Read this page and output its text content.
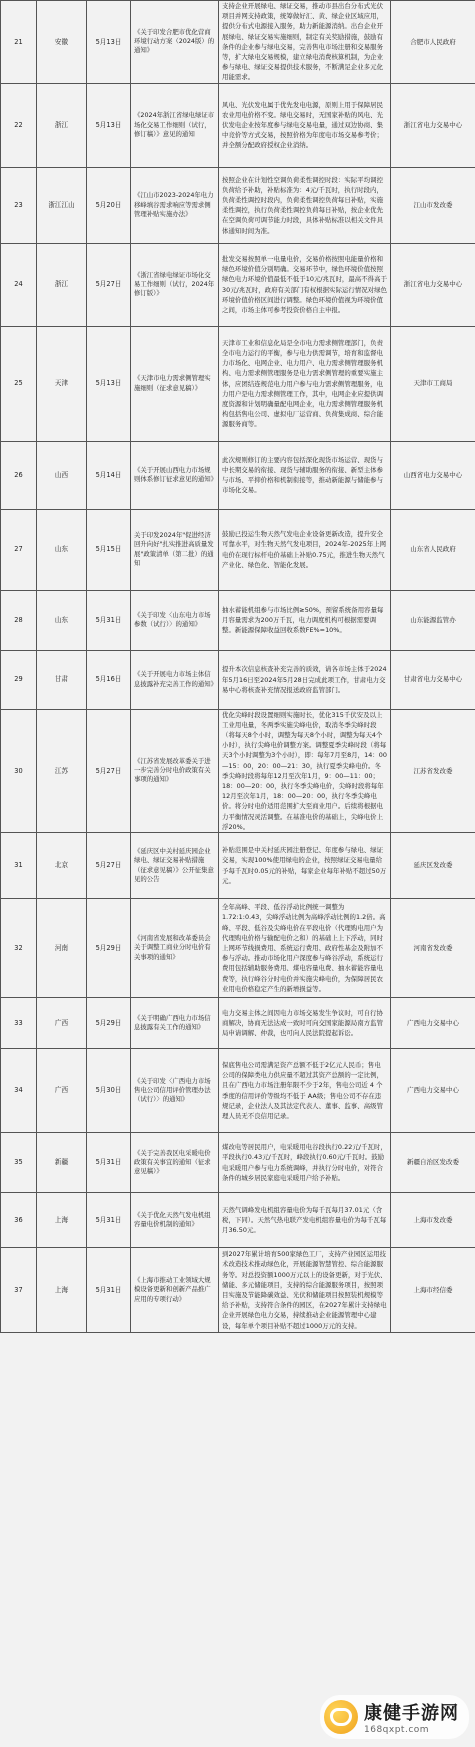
21	安徽	5月13日	《关于印发合肥市优化营商环境行动方案（2024版）的通知》	支持企业开展绿电、绿证交易，推动市县出台分布式光伏项目并网支持政策，统筹做好汇、黄、绿企业区域应用，提供分布式电源接入服务，助力新能源消纳。出台企业开展绿电、绿证交易实施细则，制定有关奖励措施，鼓励有条件的企业参与绿电交易，完善售电市场注册和交易服务等，扩大绿电交易规模，建立绿电消费核算机制，为企业参与绿电、绿证交易提供技术服务，不断满足企业多元化用能需求。	合肥市人民政府
22	浙江	5月13日	《2024年浙江省绿电绿证市场化交易工作细则（试行，修订稿）》意见的通知	风电、光伏发电属于优先发电电源，原则上用于保障居民农业用电价格不变。绿电交易时，无国家补贴的风电、光伏发电企业按年度参与绿电交易电量，通过双边协商、集中竞价等方式交易，按照价格为年度电市场交易参考价；并全额分配政府授权企业消纳。	浙江省电力交易中心
23	浙江江山	5月20日	《江山市2023-2024年电力移峰填谷需求响应等需求侧管理补贴实施办法》	按照企业在计划性空调负荷柔性调控时段：实际平均调控负荷给予补助，补贴标准为：4元/千瓦时，执行时段内，负荷柔性调控时段内，负荷柔性调控负荷每日补贴，实施柔性调控，执行负荷柔性调控负荷每日补贴，按企业优先在空调负荷可调节能力时段，具体补贴标准以相关文件具体通知时间为准。	江山市发改委
24	浙江	5月27日	《浙江省绿电绿证市场化交易工作细则（试行，2024年修订版）》	批发交易按照单一电量电价，交易价格按照电能量价格和绿色环境价值分别明确。交易环节中，绿色环境价值按照绿色电力环境价值最低不低于10元/兆瓦时，最高不得高于30元/兆瓦时，政府有关部门有权根据实际运行情况对绿色环境价值价格区间进行调整。绿色环境价值视为环境价值之间，市场主体可参考投资价格自主申报。	浙江省电力交易中心
25	天津	5月13日	《天津市电力需求侧管理实施细则（征求意见稿）》	天津市工业和信息化局是全市电力需求侧管理部门，负责全市电力运行的平衡，参与电力供需调节，培育和监督电力市场化、电网企业、电力用户、电力需求侧管理服务机构、电力需求侧管理服务是电力需求侧管理的重要实施主体，应团结连规范电力用户参与电力需求侧管理服务，电力用户是电力需求侧管理工作，其中，电网企业应提供调度资源和计划明确量配电网企业，电力需求侧管理服务机构包括售电公司、虚拟电厂运营商、负荷集成商、综合能源服务商等。	天津市工商局
26	山西	5月14日	《关于开展山西电力市场规则体系修订征求意见的通知》	此次规则修订的主要内容包括深化现货市场运营、现货与中长期交易的衔接、现货与辅助服务的衔接、新型主体参与市场、平抑价格和机制衔接等，推动新能源与储能参与市场化交易。	山西省电力交易中心
27	山东	5月15日	关于印发2024年"促进经济回升向好"扎实推进高质量发展"政策清单（第二批）的通知	鼓励已投运生物天然气发电企业设备更新改造，提升安全可靠水平，对生物天然气发电项目，2024年-2025年上网电价在现行标杆电价基础上补贴0.75元，推进生物天然气产业化、绿色化、智能化发展。	山东省人民政府
28	山东	5月31日	《关于印发〈山东电力市场参数（试行）〉的通知》	抽水蓄能机组参与市场比例≥50%，预留系统备用容量每月容量需求为200万千瓦，电力调度机构可根据需要调整。新能源保障收益回收系数FE%=10%。	山东能源监管办
29	甘肃	5月16日	《关于开展电力市场主体信息披露补充完善工作的通知》	提升本次信息核查补充完善的质效，请各市场主体于2024年5月16日至2024年5月28日完成此项工作，甘肃电力交易中心将核查补充情况报送政府监管部门。	甘肃省电力交易中心
30	江苏	5月27日	《江苏省发展改革委关于进一步完善分时电价政策有关事项的通知》	优化尖峰时段设置细则实施时长，优化315千伏安及以上工业用电量，冬两季实施尖峰电价，取消冬季尖峰时段（将每天8个小时，调整为每天8个小时，调整为每天4个小时），执行尖峰电价调整方案。调整夏季尖峰时段（将每天3个小时调整为3个小时），即：每年7月至8月，14：00—15：00，20：00—21：30，执行夏季尖峰电价。冬季尖峰时段将每年12月至次年1月，9：00—11：00；18：00—20：00，执行冬季尖峰电价，尖峰时段将每年12月至次年1月，18：00—20：00，执行冬季尖峰电价。将分时电价适用范围扩大至商业用户。后续将根据电力平衡情况灵活调整。在基准电价的基础上，尖峰电价上浮20%。	江苏省发改委
31	北京	5月27日	《延庆区中关村延庆园企业绿电、绿证交易补贴措施（征求意见稿）》公开征集意见的公告	补贴范围是中关村延庆园注册登记、年度参与绿电、绿证交易，实现100%使用绿电的企业，按照绿证交易电量给予每千瓦时0.05元的补贴，每家企业每年补贴不超过50万元。	延庆区发改委
32	河南	5月29日	《河南省发展和改革委员会关于调整工商业分时电价有关事项的通知》	全年高峰、平段、低谷浮动比例统一调整为1.72:1:0.43，尖峰浮动比例为高峰浮动比例的1.2倍。高峰、平段、低谷及尖峰电价在平段电价（代理购电用户为代理购电价格与输配电价之和）的基础上上下浮动，同时上网环节线损费用、系统运行费用、政府性基金及附加不参与浮动。推动市场化用户深度参与峰谷浮动，系统运行费用包括辅助服务费用、煤电容量电费、抽水蓄能容量电费等，执行峰谷分时电价并实施尖峰电价，为保障居民农业用电价格稳定产生的新增损益等。	河南省发改委
33	广西	5月29日	《关于明确广西电力市场信息披露有关工作的通知》	电力交易主体之间因电力市场交易发生争议时，可自行协商解决，协商无法达成一致时可向交国家能源局南方监管局申请调解、仲裁，也可向人民法院提起诉讼。	广西电力交易中心
34	广西	5月30日	《关于印发〈广西电力市场售电公司信用评价管理办法（试行）〉的通知》	保底售电公司需满足资产总额不低于2亿元人民币；售电公司的保障类电力供应量不超过其资产总额的一定比例，且在广西电力市场注册年限不少于2年，售电公司近 4 个季度的信用评价等级均不低于 AA级；售电公司不存在违规记录，企业法人及其法定代表人、董事、监事、高级管理人员无不良信用记录。	广西电力交易中心
35	新疆	5月31日	《关于完善我区电采暖电价政策有关事宜的通知（征求意见稿）》	煤改电等居民用户，电采暖用电谷段执行0.22元/千瓦时，平段执行0.43元/千瓦时，峰段执行0.60元/千瓦时。鼓励电采暖用户参与电力系统调峰，并执行分时电价，对符合条件的城乡居民家庭电采暖用户给予补贴。	新疆自治区发改委
36	上海	5月31日	《关于优化天然气发电机组容量电价机制的通知》	天然气调峰发电机组容量电价为每千瓦每月37.01元（含税，下同）。天然气热电联产发电机组容量电价为每千瓦每月36.50元。	上海市发改委
37	上海	5月31日	《上海市推动工业领域大规模设备更新和创新产品推广应用的专项行动》	到2027年累计培育500家绿色工厂，支持产业园区运用技术改造技术推动绿色化，开展能源智慧管控、综合能源服务等。对总投资额1000万元以上的设备更新，对于光伏、储能、多元储能项目，支持的综合能源服务项目，按照项目实施及节能降碳效益、光伏和储能项目按照装机规模等给予补贴，支持符合条件的园区，在2027年累计支持绿电企业开展绿色电力交易，持续推动企业能源管理中心建设，每年单个项目补贴不超过1000万元的支持。	上海市经信委
康健手游网
168qxpt.com
